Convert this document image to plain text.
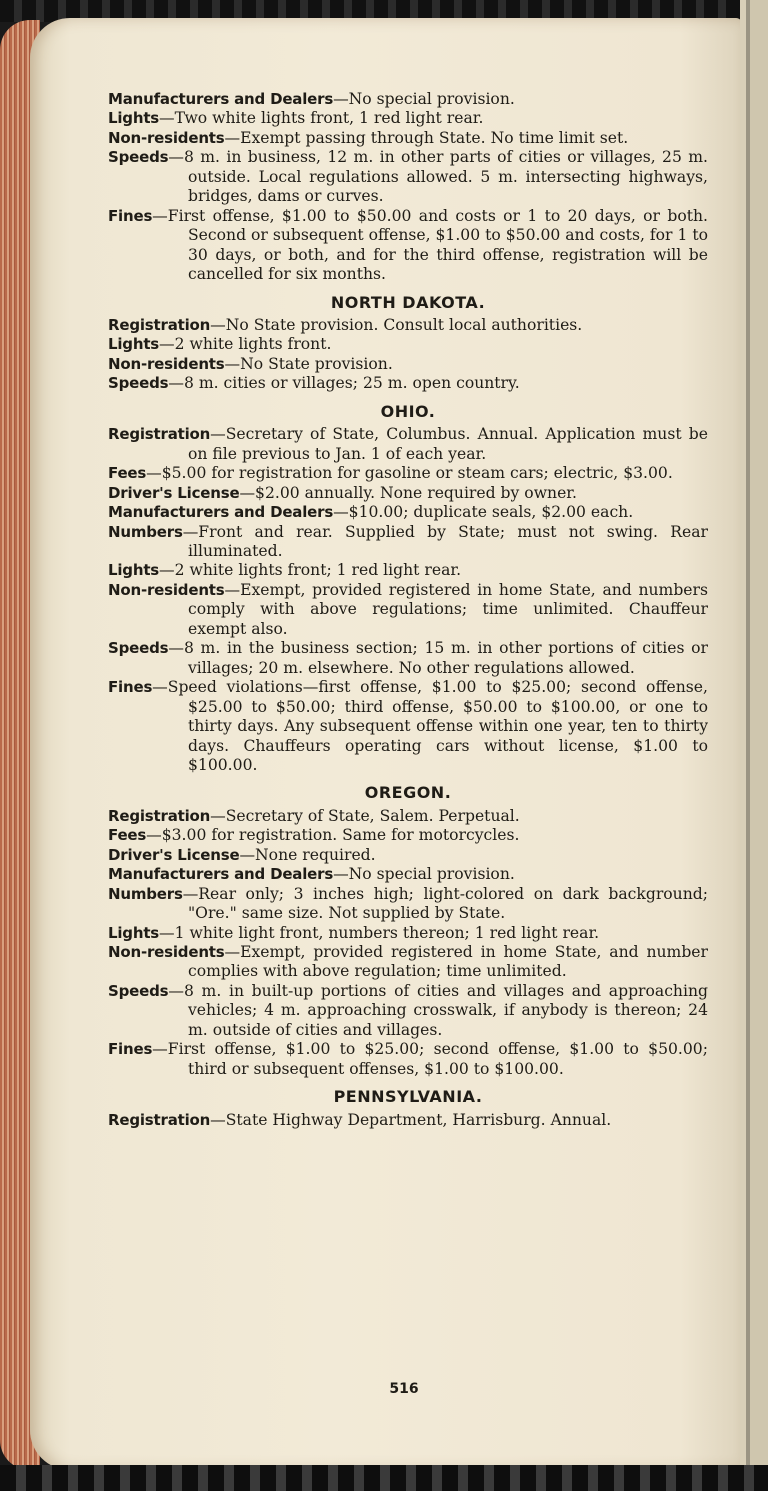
Manufacturers and Dealers—No special provision.

Lights—Two white lights front, 1 red light rear.

Non-residents—Exempt passing through State. No time limit set.

Speeds—8 m. in business, 12 m. in other parts of cities or villages, 25 m. outside. Local regulations allowed. 5 m. intersecting highways, bridges, dams or curves.

Fines—First offense, $1.00 to $50.00 and costs or 1 to 20 days, or both. Second or subsequent offense, $1.00 to $50.00 and costs, for 1 to 30 days, or both, and for the third offense, registration will be cancelled for six months.

NORTH DAKOTA.

Registration—No State provision. Consult local authorities.

Lights—2 white lights front.

Non-residents—No State provision.

Speeds—8 m. cities or villages; 25 m. open country.

OHIO.

Registration—Secretary of State, Columbus. Annual. Application must be on file previous to Jan. 1 of each year.

Fees—$5.00 for registration for gasoline or steam cars; electric, $3.00.

Driver's License—$2.00 annually. None required by owner.

Manufacturers and Dealers—$10.00; duplicate seals, $2.00 each.

Numbers—Front and rear. Supplied by State; must not swing. Rear illuminated.

Lights—2 white lights front; 1 red light rear.

Non-residents—Exempt, provided registered in home State, and numbers comply with above regulations; time unlimited. Chauffeur exempt also.

Speeds—8 m. in the business section; 15 m. in other portions of cities or villages; 20 m. elsewhere. No other regulations allowed.

Fines—Speed violations—first offense, $1.00 to $25.00; second offense, $25.00 to $50.00; third offense, $50.00 to $100.00, or one to thirty days. Any subsequent offense within one year, ten to thirty days. Chauffeurs operating cars without license, $1.00 to $100.00.

OREGON.

Registration—Secretary of State, Salem. Perpetual.

Fees—$3.00 for registration. Same for motorcycles.

Driver's License—None required.

Manufacturers and Dealers—No special provision.

Numbers—Rear only; 3 inches high; light-colored on dark background; "Ore." same size. Not supplied by State.

Lights—1 white light front, numbers thereon; 1 red light rear.

Non-residents—Exempt, provided registered in home State, and number complies with above regulation; time unlimited.

Speeds—8 m. in built-up portions of cities and villages and approaching vehicles; 4 m. approaching crosswalk, if anybody is thereon; 24 m. outside of cities and villages.

Fines—First offense, $1.00 to $25.00; second offense, $1.00 to $50.00; third or subsequent offenses, $1.00 to $100.00.

PENNSYLVANIA.

Registration—State Highway Department, Harrisburg. Annual.

516
